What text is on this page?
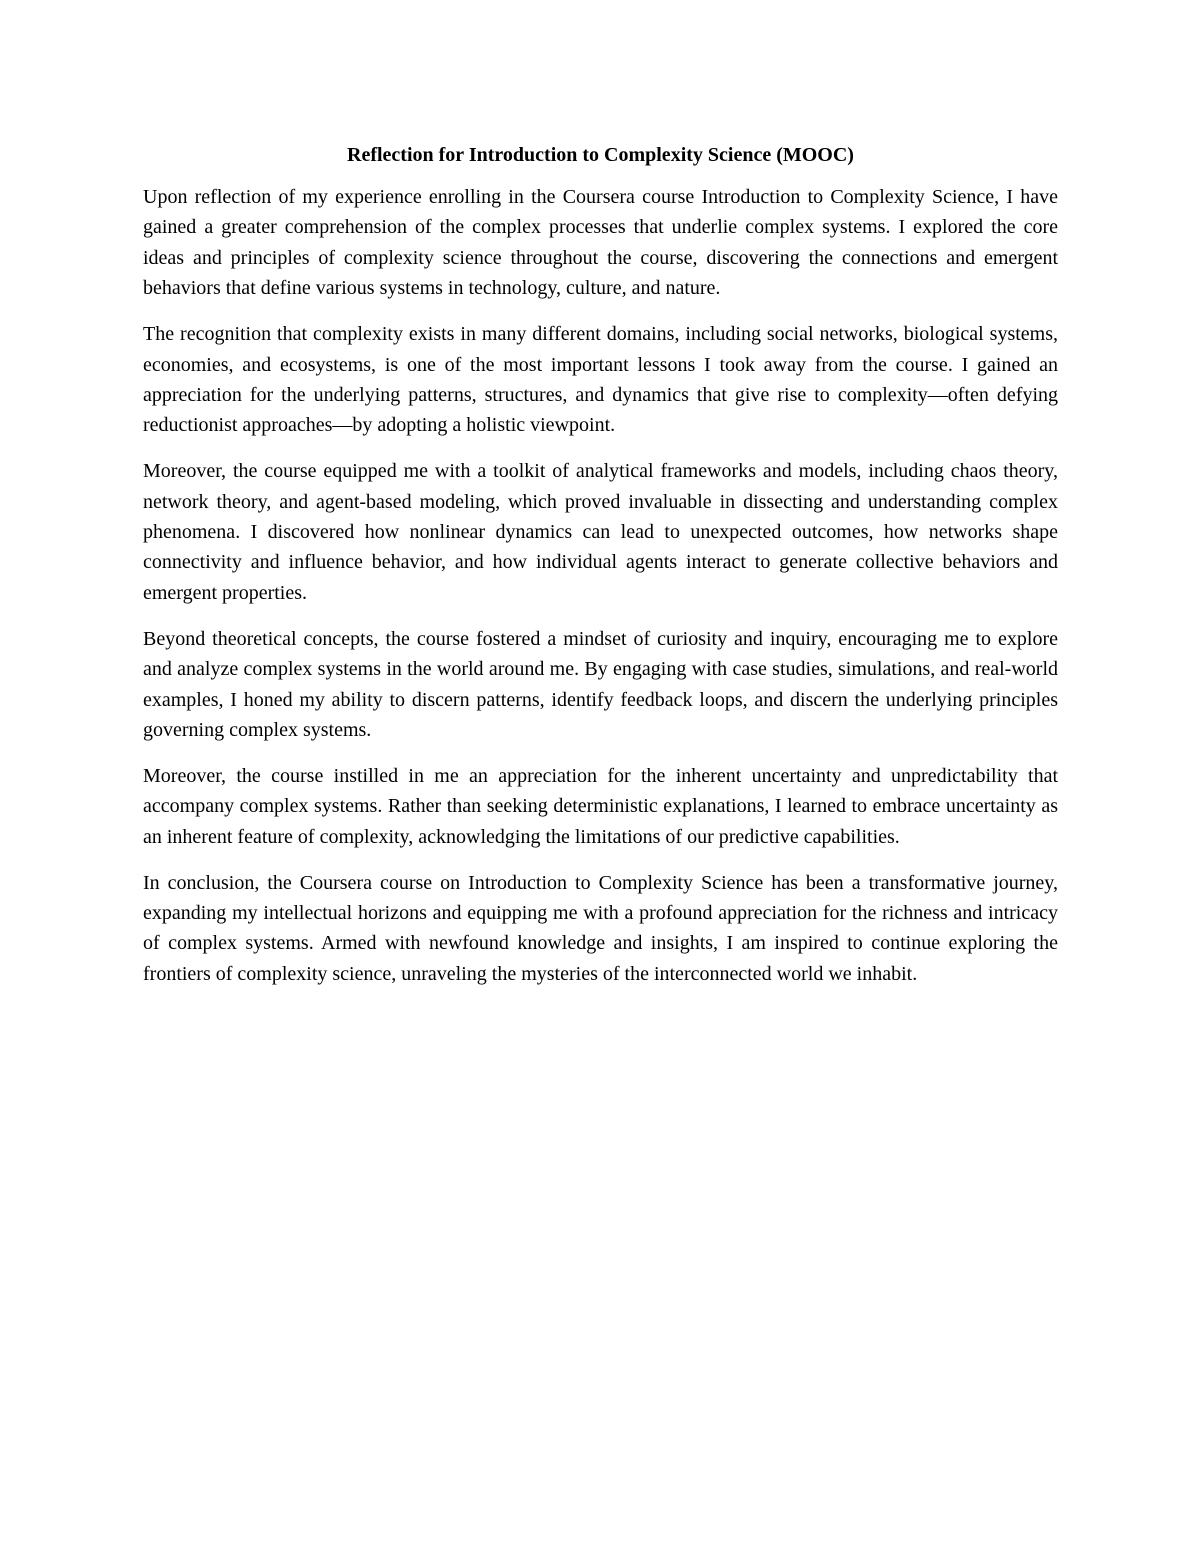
Reflection for Introduction to Complexity Science (MOOC)

Upon reflection of my experience enrolling in the Coursera course Introduction to Complexity Science, I have gained a greater comprehension of the complex processes that underlie complex systems. I explored the core ideas and principles of complexity science throughout the course, discovering the connections and emergent behaviors that define various systems in technology, culture, and nature.

The recognition that complexity exists in many different domains, including social networks, biological systems, economies, and ecosystems, is one of the most important lessons I took away from the course. I gained an appreciation for the underlying patterns, structures, and dynamics that give rise to complexity—often defying reductionist approaches—by adopting a holistic viewpoint.

Moreover, the course equipped me with a toolkit of analytical frameworks and models, including chaos theory, network theory, and agent-based modeling, which proved invaluable in dissecting and understanding complex phenomena. I discovered how nonlinear dynamics can lead to unexpected outcomes, how networks shape connectivity and influence behavior, and how individual agents interact to generate collective behaviors and emergent properties.

Beyond theoretical concepts, the course fostered a mindset of curiosity and inquiry, encouraging me to explore and analyze complex systems in the world around me. By engaging with case studies, simulations, and real-world examples, I honed my ability to discern patterns, identify feedback loops, and discern the underlying principles governing complex systems.

Moreover, the course instilled in me an appreciation for the inherent uncertainty and unpredictability that accompany complex systems. Rather than seeking deterministic explanations, I learned to embrace uncertainty as an inherent feature of complexity, acknowledging the limitations of our predictive capabilities.

In conclusion, the Coursera course on Introduction to Complexity Science has been a transformative journey, expanding my intellectual horizons and equipping me with a profound appreciation for the richness and intricacy of complex systems. Armed with newfound knowledge and insights, I am inspired to continue exploring the frontiers of complexity science, unraveling the mysteries of the interconnected world we inhabit.
